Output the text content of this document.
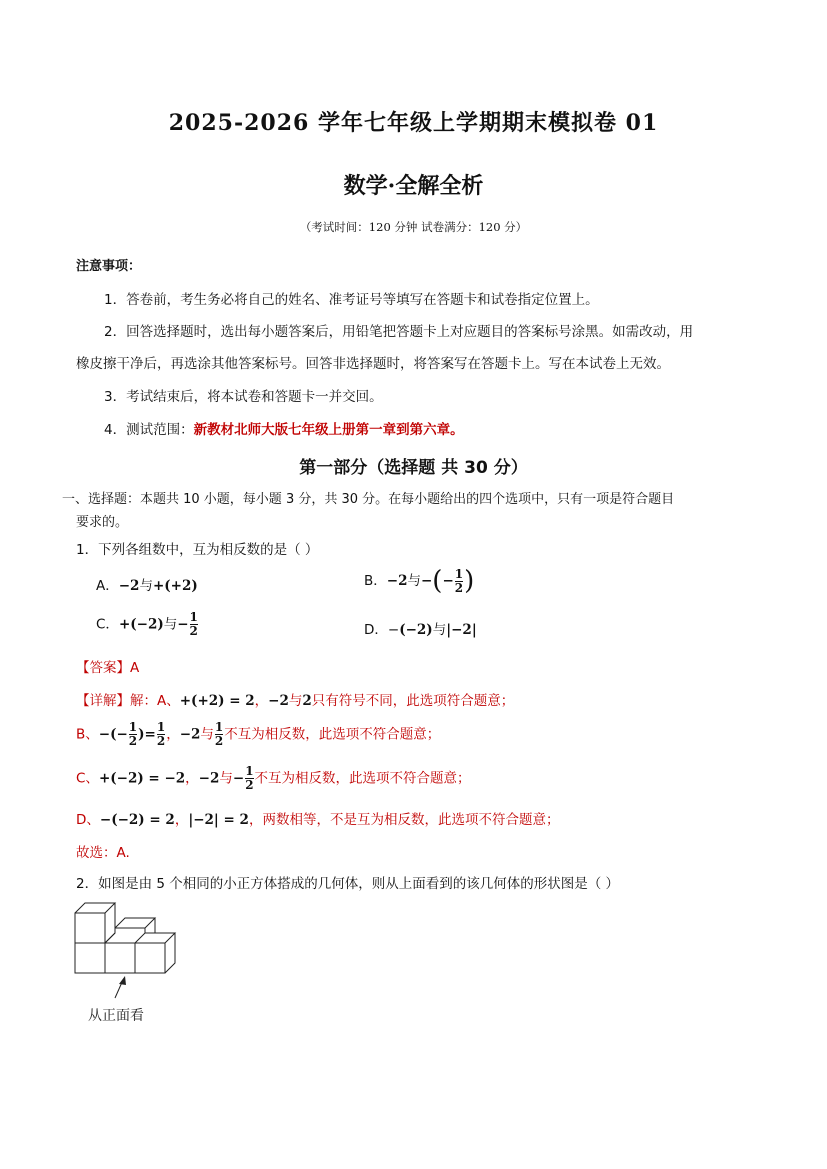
2025-2026 学年七年级上学期期末模拟卷 01
数学·全解全析
（考试时间：120 分钟 试卷满分：120 分）
注意事项：
1．答卷前，考生务必将自己的姓名、准考证号等填写在答题卡和试卷指定位置上。
2．回答选择题时，选出每小题答案后，用铅笔把答题卡上对应题目的答案标号涂黑。如需改动，用
橡皮擦干净后，再选涂其他答案标号。回答非选择题时，将答案写在答题卡上。写在本试卷上无效。
3．考试结束后，将本试卷和答题卡一并交回。
4．测试范围：新教材北师大版七年级上册第一章到第六章。
第一部分（选择题 共 30 分）
一、选择题：本题共 10 小题，每小题 3 分，共 30 分。在每小题给出的四个选项中，只有一项是符合题目
要求的。
1．下列各组数中，互为相反数的是（ ）
A．−2与+(+2)	B．−2与−(− $\frac{1}{2}$ )
C．+(−2)与− $\frac{1}{2}$	D．−(−2)与|−2|
【答案】A
【详解】解：A、+(+2) = 2，−2与2只有符号不同，此选项符合题意；
B、−(− $\frac{1}{2}$ )= $\frac{1}{2}$ ，−2与 $\frac{1}{2}$ 不互为相反数，此选项不符合题意；
C、+(−2) = −2，−2与− $\frac{1}{2}$ 不互为相反数，此选项不符合题意；
D、−(−2) = 2，|−2| = 2，两数相等，不是互为相反数，此选项不符合题意；
故选：A.
2．如图是由 5 个相同的小正方体搭成的几何体，则从上面看到的该几何体的形状图是（ ）
从正面看
